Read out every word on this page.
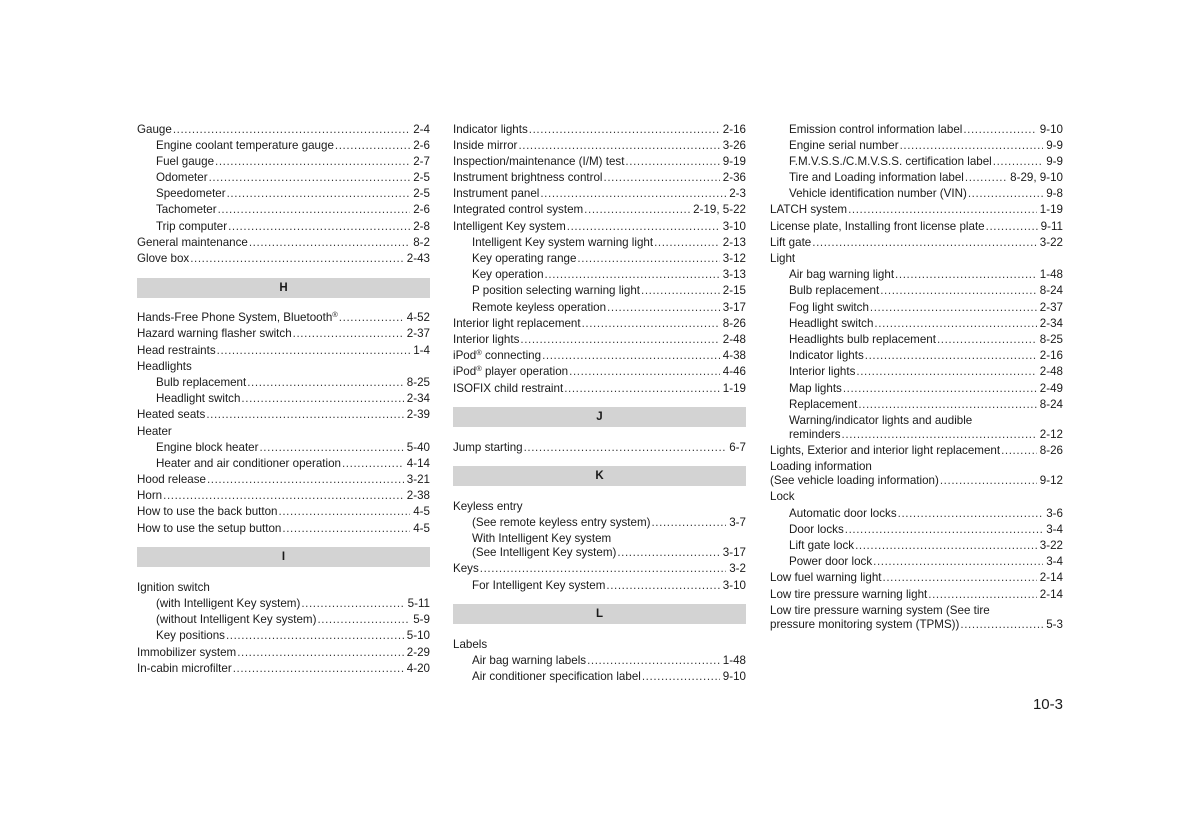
Gauge .....	2-4
Engine coolant temperature gauge .....	2-6
Fuel gauge .....	2-7
Odometer .....	2-5
Speedometer .....	2-5
Tachometer .....	2-6
Trip computer .....	2-8
General maintenance .....	8-2
Glove box .....	2-43
H
Hands-Free Phone System, Bluetooth® .....	4-52
Hazard warning flasher switch .....	2-37
Head restraints .....	1-4
Headlights
Bulb replacement .....	8-25
Headlight switch .....	2-34
Heated seats .....	2-39
Heater
Engine block heater .....	5-40
Heater and air conditioner operation .....	4-14
Hood release .....	3-21
Horn .....	2-38
How to use the back button .....	4-5
How to use the setup button .....	4-5
I
Ignition switch
(with Intelligent Key system) .....	5-11
(without Intelligent Key system) .....	5-9
Key positions .....	5-10
Immobilizer system .....	2-29
In-cabin microfilter .....	4-20
Indicator lights .....	2-16
Inside mirror .....	3-26
Inspection/maintenance (I/M) test .....	9-19
Instrument brightness control .....	2-36
Instrument panel .....	2-3
Integrated control system .....	2-19, 5-22
Intelligent Key system .....	3-10
Intelligent Key system warning light .....	2-13
Key operating range .....	3-12
Key operation .....	3-13
P position selecting warning light .....	2-15
Remote keyless operation .....	3-17
Interior light replacement .....	8-26
Interior lights .....	2-48
iPod® connecting .....	4-38
iPod® player operation .....	4-46
ISOFIX child restraint .....	1-19
J
Jump starting .....	6-7
K
Keyless entry
(See remote keyless entry system) .....	3-7
With Intelligent Key system
(See Intelligent Key system) .....	3-17
Keys .....	3-2
For Intelligent Key system .....	3-10
L
Labels
Air bag warning labels .....	1-48
Air conditioner specification label .....	9-10
Emission control information label .....	9-10
Engine serial number .....	9-9
F.M.V.S.S./C.M.V.S.S. certification label .....	9-9
Tire and Loading information label .....	8-29, 9-10
Vehicle identification number (VIN) .....	9-8
LATCH system .....	1-19
License plate, Installing front license plate .....	9-11
Lift gate .....	3-22
Light
Air bag warning light .....	1-48
Bulb replacement .....	8-24
Fog light switch .....	2-37
Headlight switch .....	2-34
Headlights bulb replacement .....	8-25
Indicator lights .....	2-16
Interior lights .....	2-48
Map lights .....	2-49
Replacement .....	8-24
Warning/indicator lights and audible
reminders .....	2-12
Lights, Exterior and interior light replacement .....	8-26
Loading information
(See vehicle loading information) .....	9-12
Lock
Automatic door locks .....	3-6
Door locks .....	3-4
Lift gate lock .....	3-22
Power door lock .....	3-4
Low fuel warning light .....	2-14
Low tire pressure warning light .....	2-14
Low tire pressure warning system (See tire
pressure monitoring system (TPMS)) .....	5-3
10-3
